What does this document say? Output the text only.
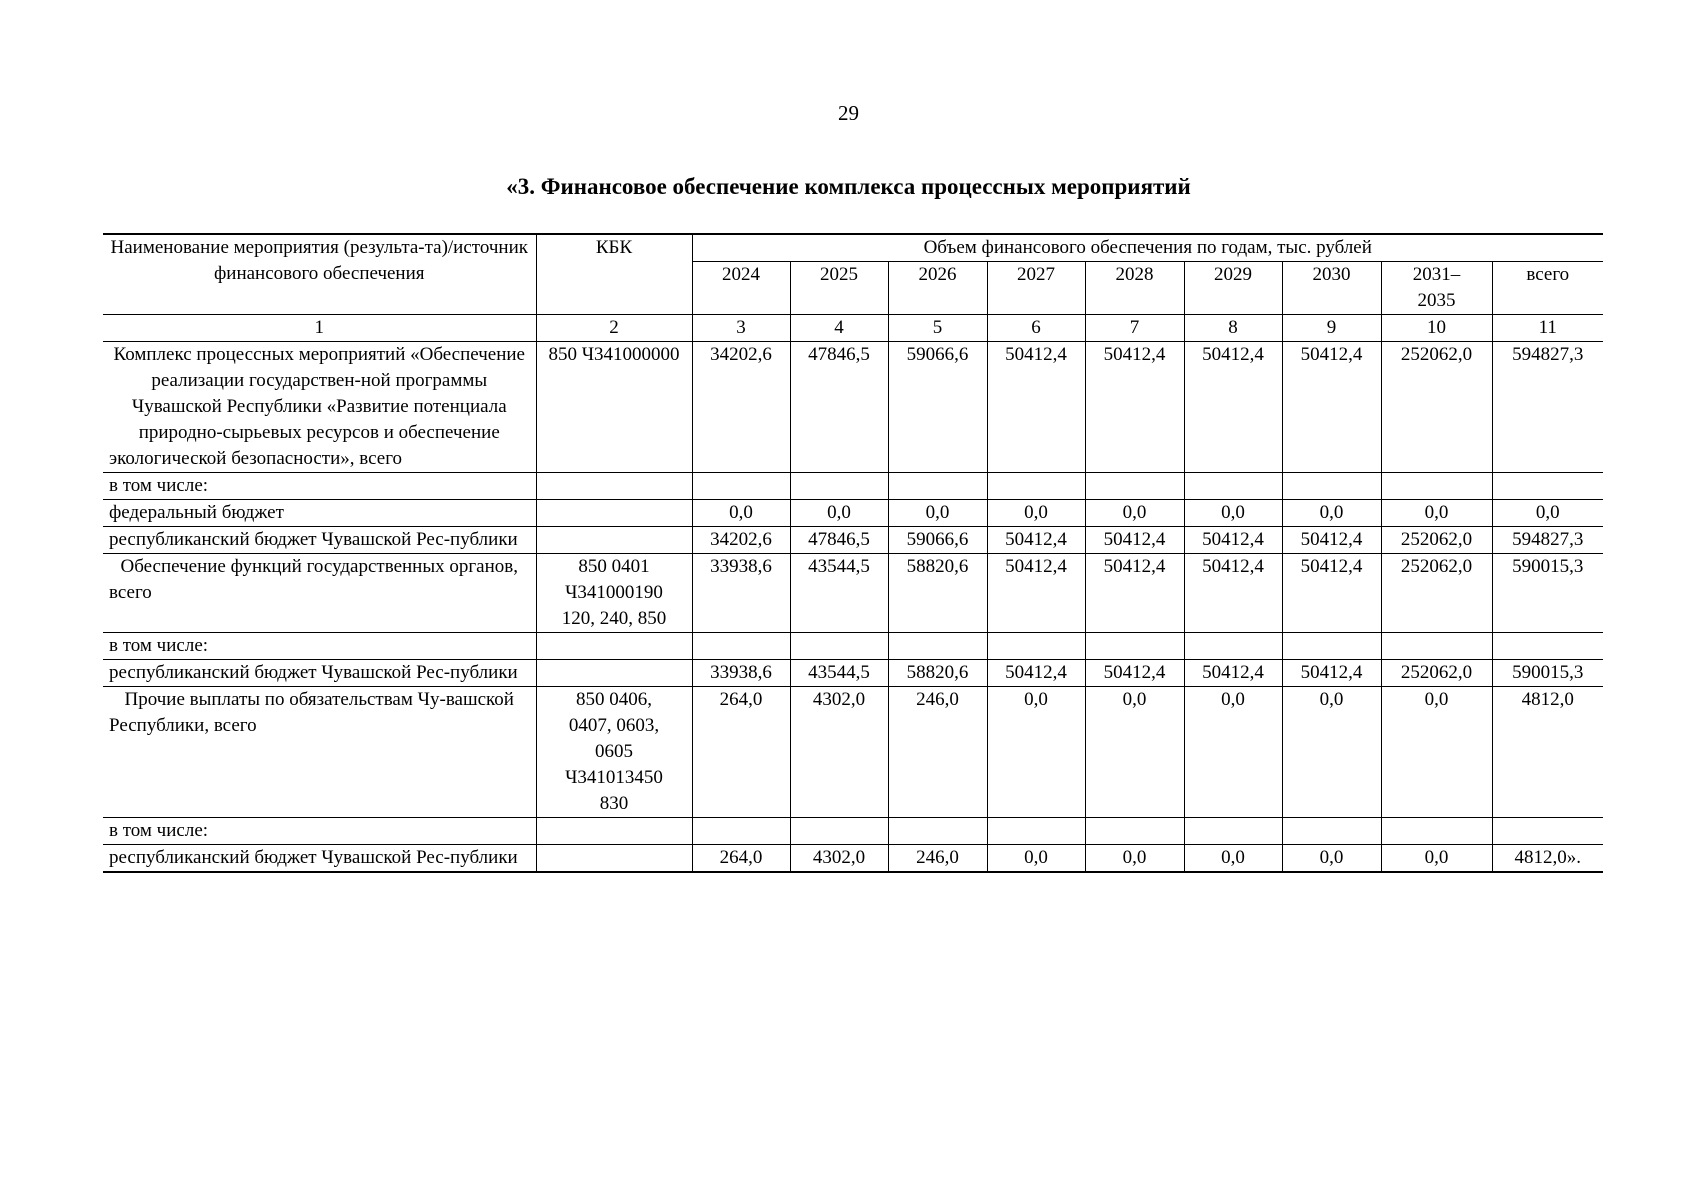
29
«3. Финансовое обеспечение комплекса процессных мероприятий
Наименование мероприятия (результа-та)/источник финансового обеспечения	КБК	Объем финансового обеспечения по годам, тыс. рублей								
		2024	2025	2026	2027	2028	2029	2030	2031–2035	всего
1	2	3	4	5	6	7	8	9	10	11
Комплекс процессных мероприятий «Обеспечение реализации государствен-ной программы Чувашской Республики «Развитие потенциала природно-сырьевых ресурсов и обеспечение экологической безопасности», всего	850 Ч341000000	34202,6	47846,5	59066,6	50412,4	50412,4	50412,4	50412,4	252062,0	594827,3
в том числе:										
федеральный бюджет		0,0	0,0	0,0	0,0	0,0	0,0	0,0	0,0	0,0
республиканский бюджет Чувашской Рес-публики		34202,6	47846,5	59066,6	50412,4	50412,4	50412,4	50412,4	252062,0	594827,3
Обеспечение функций государственных органов, всего	850 0401 Ч341000190 120, 240, 850	33938,6	43544,5	58820,6	50412,4	50412,4	50412,4	50412,4	252062,0	590015,3
в том числе:										
республиканский бюджет Чувашской Рес-публики		33938,6	43544,5	58820,6	50412,4	50412,4	50412,4	50412,4	252062,0	590015,3
Прочие выплаты по обязательствам Чу-вашской Республики, всего	850 0406, 0407, 0603, 0605 Ч341013450 830	264,0	4302,0	246,0	0,0	0,0	0,0	0,0	0,0	4812,0
в том числе:										
республиканский бюджет Чувашской Рес-публики		264,0	4302,0	246,0	0,0	0,0	0,0	0,0	0,0	4812,0».
